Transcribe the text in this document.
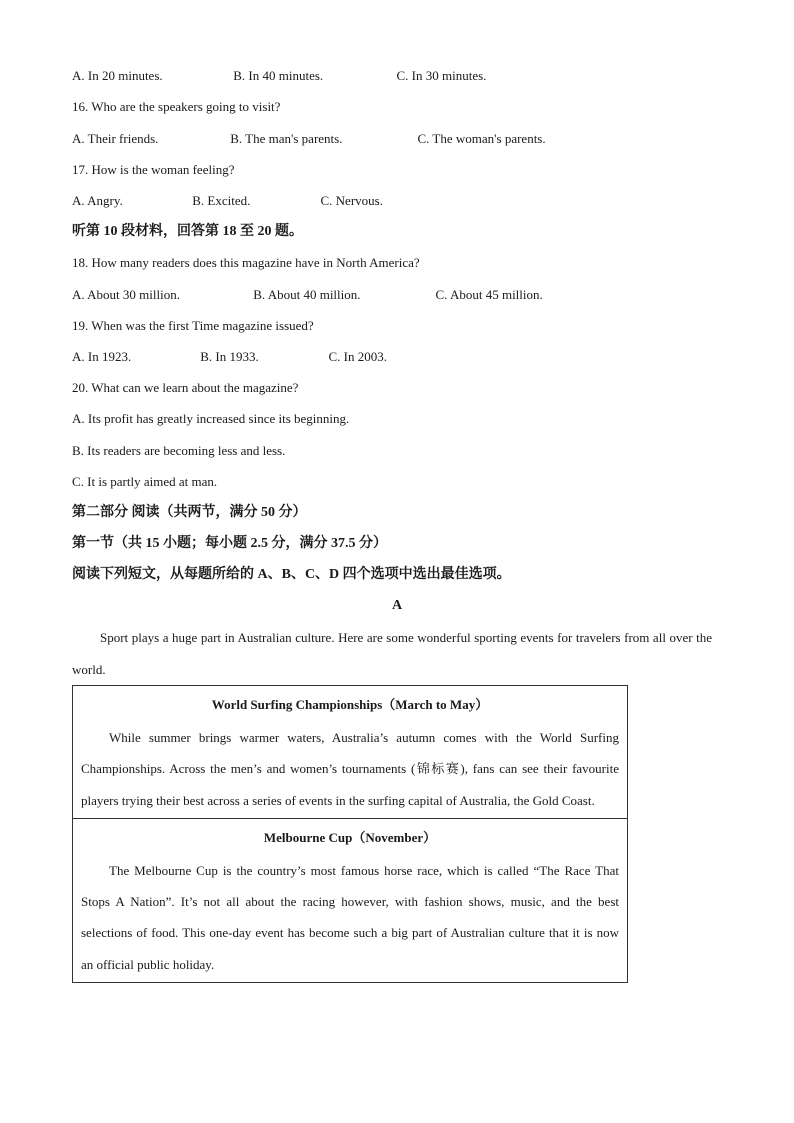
A. In 20 minutes.	B. In 40 minutes.	C. In 30 minutes.
16. Who are the speakers going to visit?
A. Their friends.	B. The man's parents.	C. The woman's parents.
17. How is the woman feeling?
A. Angry.	B. Excited.	C. Nervous.
听第 10 段材料，回答第 18 至 20 题。
18. How many readers does this magazine have in North America?
A. About 30 million.	B. About 40 million.	C. About 45 million.
19. When was the first Time magazine issued?
A. In 1923.	B. In 1933.	C. In 2003.
20. What can we learn about the magazine?
A. Its profit has greatly increased since its beginning.
B. Its readers are becoming less and less.
C. It is partly aimed at man.
第二部分 阅读（共两节，满分 50 分）
第一节（共 15 小题；每小题 2.5 分，满分 37.5 分）
阅读下列短文，从每题所给的 A、B、C、D 四个选项中选出最佳选项。
A
Sport plays a huge part in Australian culture. Here are some wonderful sporting events for travelers from all over the world.
World Surfing Championships（March to May）
While summer brings warmer waters, Australia’s autumn comes with the World Surfing Championships. Across the men’s and women’s tournaments (锦标赛), fans can see their favourite players trying their best across a series of events in the surfing capital of Australia, the Gold Coast.
Melbourne Cup（November）
The Melbourne Cup is the country’s most famous horse race, which is called “The Race That Stops A Nation”. It’s not all about the racing however, with fashion shows, music, and the best selections of food. This one-day event has become such a big part of Australian culture that it is now an official public holiday.
